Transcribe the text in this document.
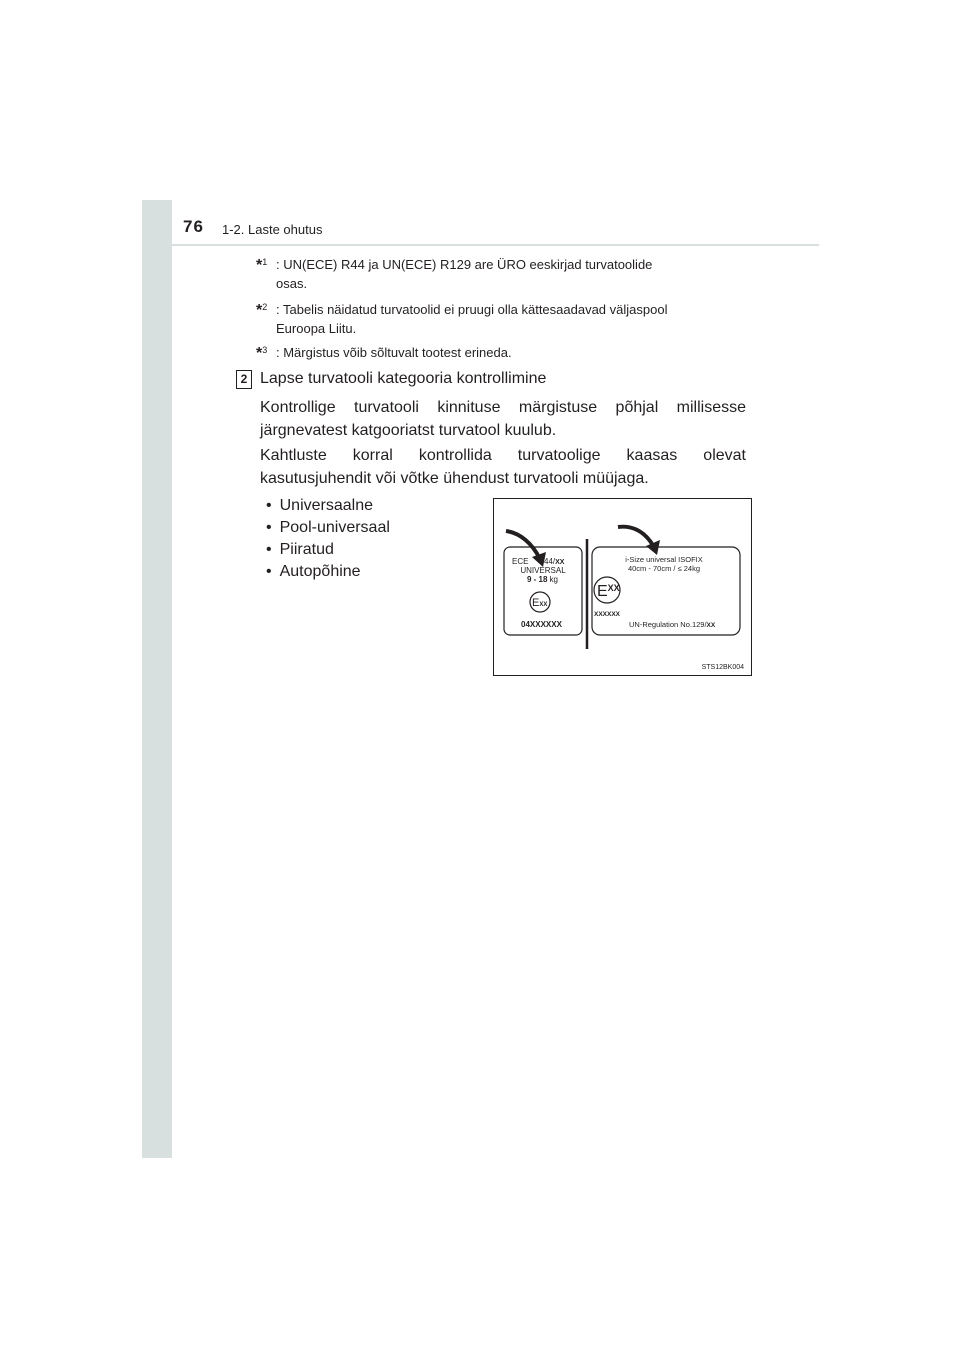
76 1-2. Laste ohutus
*$^1$ : UN(ECE) R44 ja UN(ECE) R129 are ÜRO eeskirjad turvatoolide
osas.
*$^2$ : Tabelis näidatud turvatoolid ei pruugi olla kättesaadavad väljaspool
Euroopa Liitu.
*$^3$ : Märgistus võib sõltuvalt tootest erineda.
2 Lapse turvatooli kategooria kontrollimine
Kontrollige turvatooli kinnituse märgistuse põhjal millisesse järgnevatest katgooriatst turvatool kuulub.
Kahtluste korral kontrollida turvatoolige kaasas olevat kasutusjuhendit või võtke ühendust turvatooli müüjaga.
• Universaalne
• Pool-universaal
• Piiratud
• Autopõhine
ECE 44/XX
UNIVERSAL
9 - 18 kg
EXX
04XXXXXX
i-Size universal ISOFIX
40cm - 70cm / ≤ 24kg
$E^{XX}$
XXXXXX
UN-Regulation No.129/XX
STS12BK004
